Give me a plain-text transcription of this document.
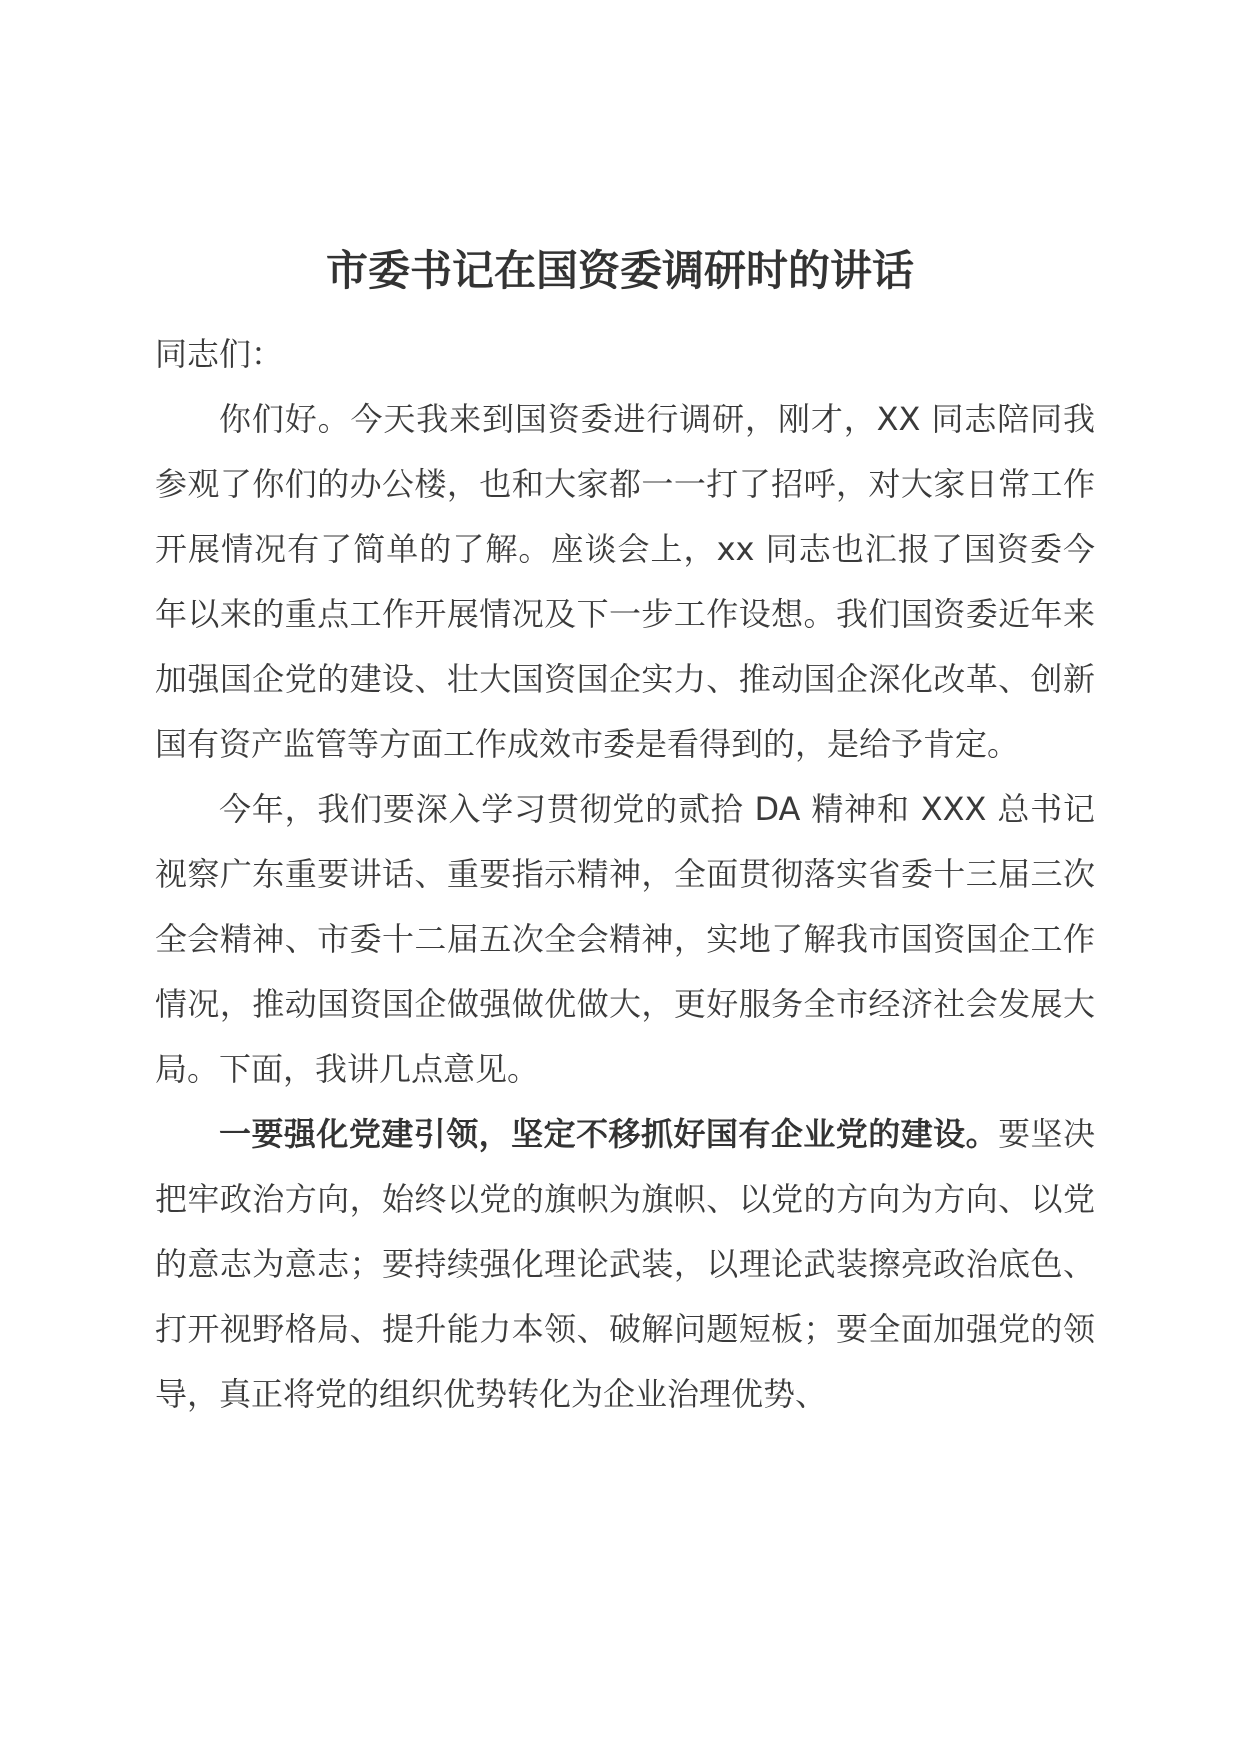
市委书记在国资委调研时的讲话

同志们：

你们好。今天我来到国资委进行调研，刚才，XX 同志陪同我参观了你们的办公楼，也和大家都一一打了招呼，对大家日常工作开展情况有了简单的了解。座谈会上，xx 同志也汇报了国资委今年以来的重点工作开展情况及下一步工作设想。我们国资委近年来加强国企党的建设、壮大国资国企实力、推动国企深化改革、创新国有资产监管等方面工作成效市委是看得到的，是给予肯定。

今年，我们要深入学习贯彻党的贰拾 DA 精神和 XXX 总书记视察广东重要讲话、重要指示精神，全面贯彻落实省委十三届三次全会精神、市委十二届五次全会精神，实地了解我市国资国企工作情况，推动国资国企做强做优做大，更好服务全市经济社会发展大局。下面，我讲几点意见。

一要强化党建引领，坚定不移抓好国有企业党的建设。要坚决把牢政治方向，始终以党的旗帜为旗帜、以党的方向为方向、以党的意志为意志；要持续强化理论武装，以理论武装擦亮政治底色、打开视野格局、提升能力本领、破解问题短板；要全面加强党的领导，真正将党的组织优势转化为企业治理优势、
